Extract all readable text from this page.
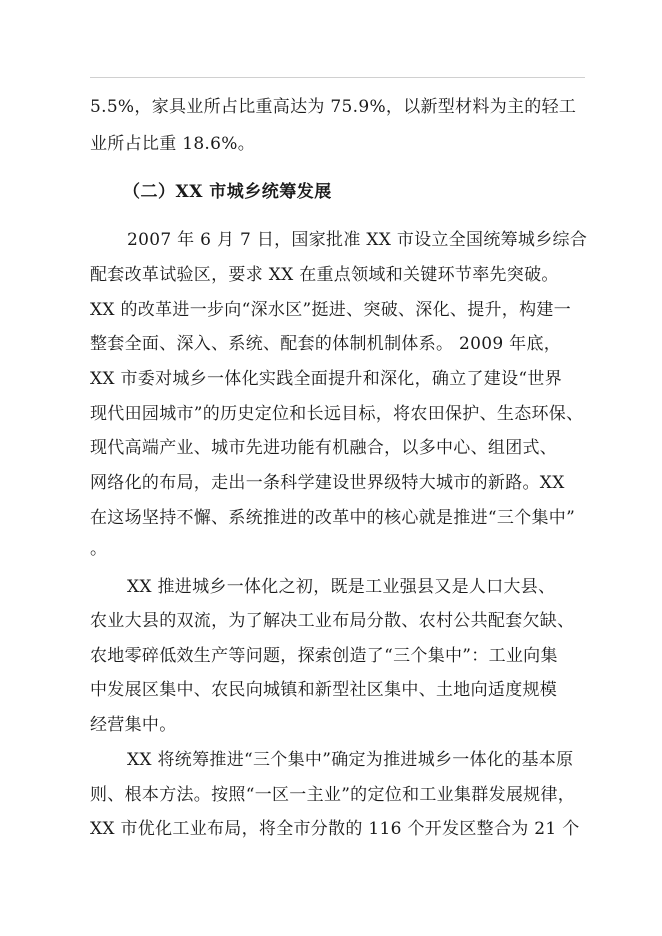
5.5%，家具业所占比重高达为 75.9%，以新型材料为主的轻工
业所占比重 18.6%。
（二）XX 市城乡统筹发展
2007 年 6 月 7 日，国家批准 XX 市设立全国统筹城乡综合
配套改革试验区，要求 XX 在重点领域和关键环节率先突破。
XX 的改革进一步向“深水区”挺进、突破、深化、提升，构建一
整套全面、深入、系统、配套的体制机制体系。 2009 年底，
XX 市委对城乡一体化实践全面提升和深化，确立了建设“世界
现代田园城市”的历史定位和长远目标，将农田保护、生态环保、
现代高端产业、城市先进功能有机融合，以多中心、组团式、
网络化的布局，走出一条科学建设世界级特大城市的新路。XX
在这场坚持不懈、系统推进的改革中的核心就是推进“三个集中”
。
XX 推进城乡一体化之初，既是工业强县又是人口大县、
农业大县的双流，为了解决工业布局分散、农村公共配套欠缺、
农地零碎低效生产等问题，探索创造了“三个集中”：工业向集
中发展区集中、农民向城镇和新型社区集中、土地向适度规模
经营集中。
XX 将统筹推进“三个集中”确定为推进城乡一体化的基本原
则、根本方法。按照“一区一主业”的定位和工业集群发展规律，
XX 市优化工业布局，将全市分散的 116 个开发区整合为 21 个
